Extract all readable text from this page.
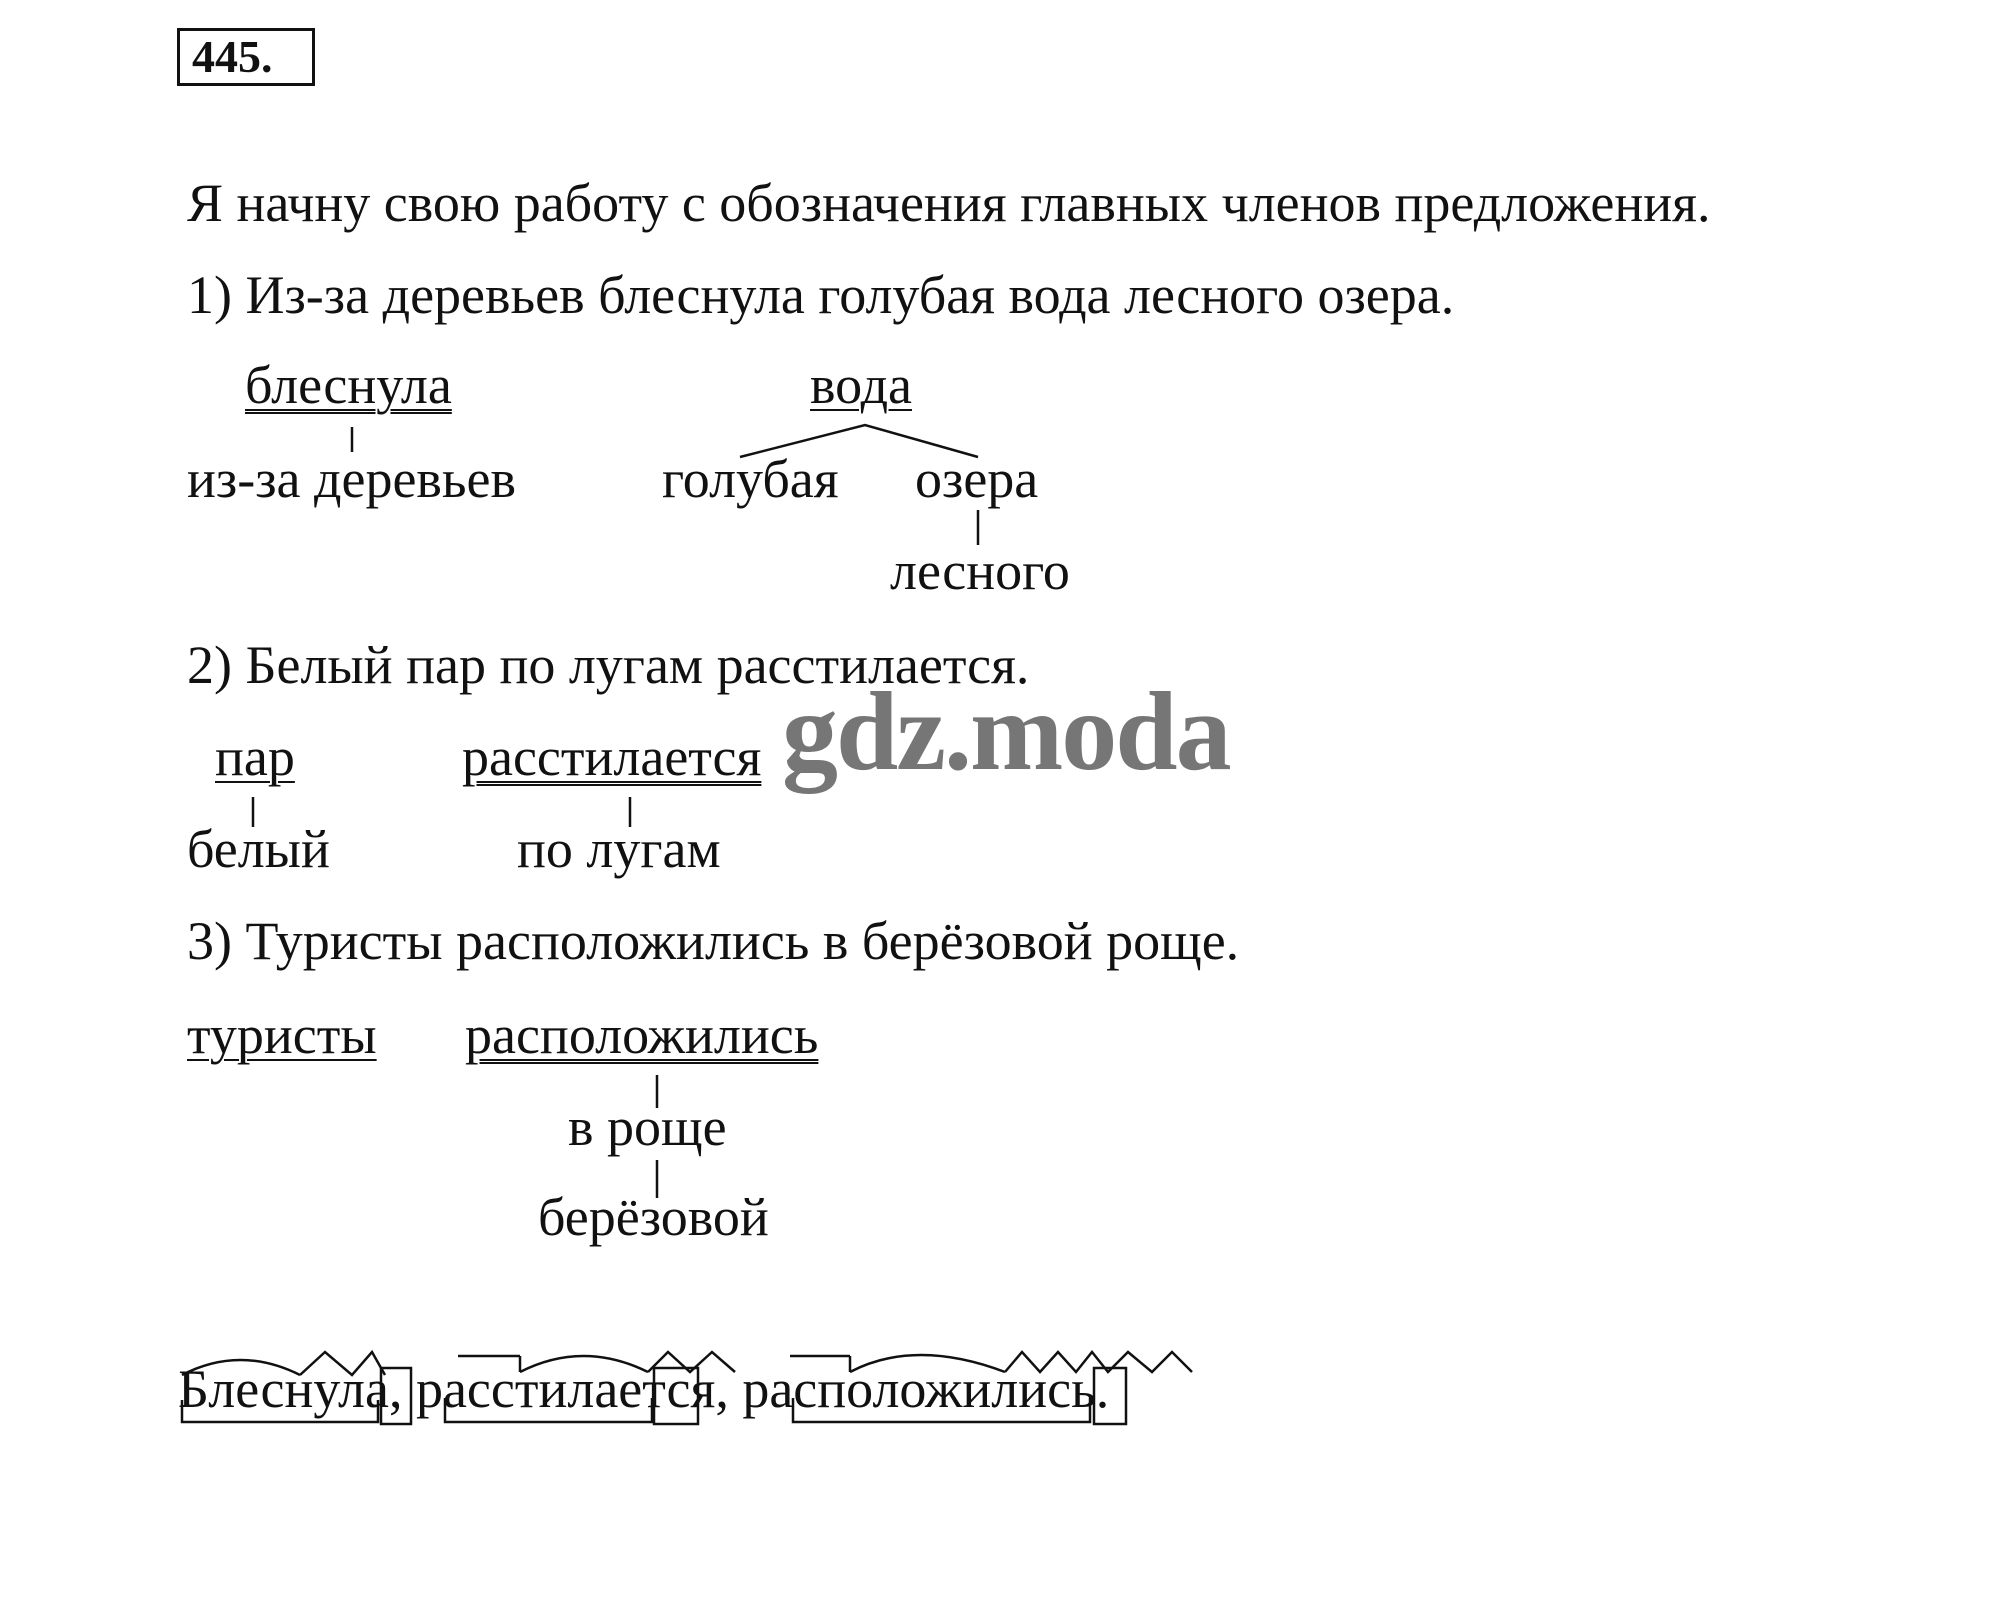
445.
Я начну свою работу с обозначения главных членов предложения.
1) Из-за деревьев блеснула голубая вода лесного озера.
блеснула
из-за деревьев
вода
голубая озера
лесного
2) Белый пар по лугам расстилается.
пар
белый
расстилается
по лугам
3) Туристы расположились в берёзовой роще.
туристы расположились
в роще
берёзовой
Блеснула, расстилается, расположились.
gdz.moda
